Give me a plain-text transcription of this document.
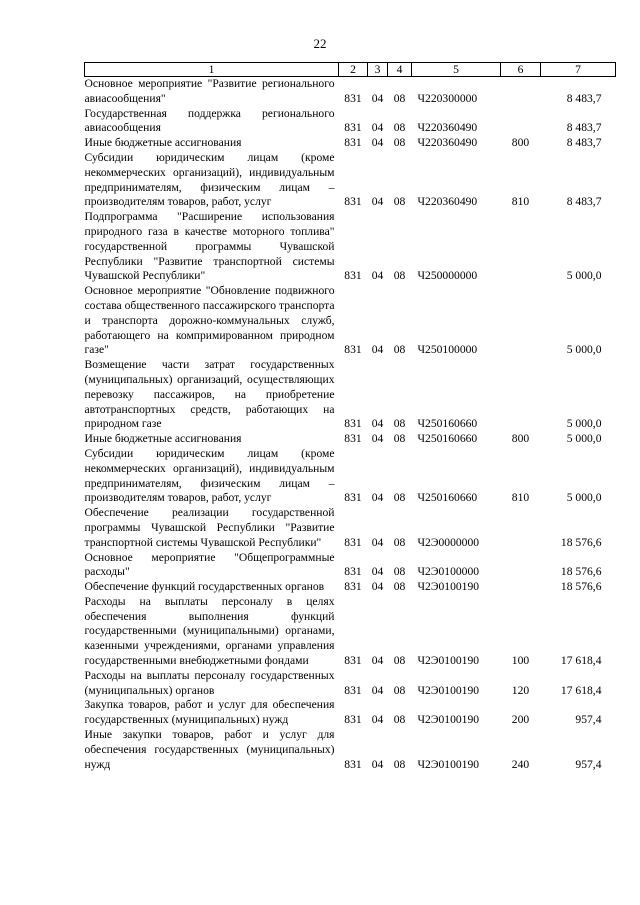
22
1	2	3	4	5	6	7
Основное мероприятие "Развитие регионального авиасообщения"	831	04	08	Ч220300000		8 483,7
Государственная поддержка регионального авиасообщения	831	04	08	Ч220360490		8 483,7
Иные бюджетные ассигнования	831	04	08	Ч220360490	800	8 483,7
Субсидии юридическим лицам (кроме некоммерческих организаций), индивидуальным предпринимателям, физическим лицам – производителям товаров, работ, услуг	831	04	08	Ч220360490	810	8 483,7
Подпрограмма "Расширение использования природного газа в качестве моторного топлива" государственной программы Чувашской Республики "Развитие транспортной системы Чувашской Республики"	831	04	08	Ч250000000		5 000,0
Основное мероприятие "Обновление подвижного состава общественного пассажирского транспорта и транспорта дорожно-коммунальных служб, работающего на компримированном природном газе"	831	04	08	Ч250100000		5 000,0
Возмещение части затрат государственных (муниципальных) организаций, осуществляющих перевозку пассажиров, на приобретение автотранспортных средств, работающих на природном газе	831	04	08	Ч250160660		5 000,0
Иные бюджетные ассигнования	831	04	08	Ч250160660	800	5 000,0
Субсидии юридическим лицам (кроме некоммерческих организаций), индивидуальным предпринимателям, физическим лицам – производителям товаров, работ, услуг	831	04	08	Ч250160660	810	5 000,0
Обеспечение реализации государственной программы Чувашской Республики "Развитие транспортной системы Чувашской Республики"	831	04	08	Ч2Э0000000		18 576,6
Основное мероприятие "Общепрограммные расходы"	831	04	08	Ч2Э0100000		18 576,6
Обеспечение функций государственных органов	831	04	08	Ч2Э0100190		18 576,6
Расходы на выплаты персоналу в целях обеспечения выполнения функций государственными (муниципальными) органами, казенными учреждениями, органами управления государственными внебюджетными фондами	831	04	08	Ч2Э0100190	100	17 618,4
Расходы на выплаты персоналу государственных (муниципальных) органов	831	04	08	Ч2Э0100190	120	17 618,4
Закупка товаров, работ и услуг для обеспечения государственных (муниципальных) нужд	831	04	08	Ч2Э0100190	200	957,4
Иные закупки товаров, работ и услуг для обеспечения государственных (муниципальных) нужд	831	04	08	Ч2Э0100190	240	957,4
